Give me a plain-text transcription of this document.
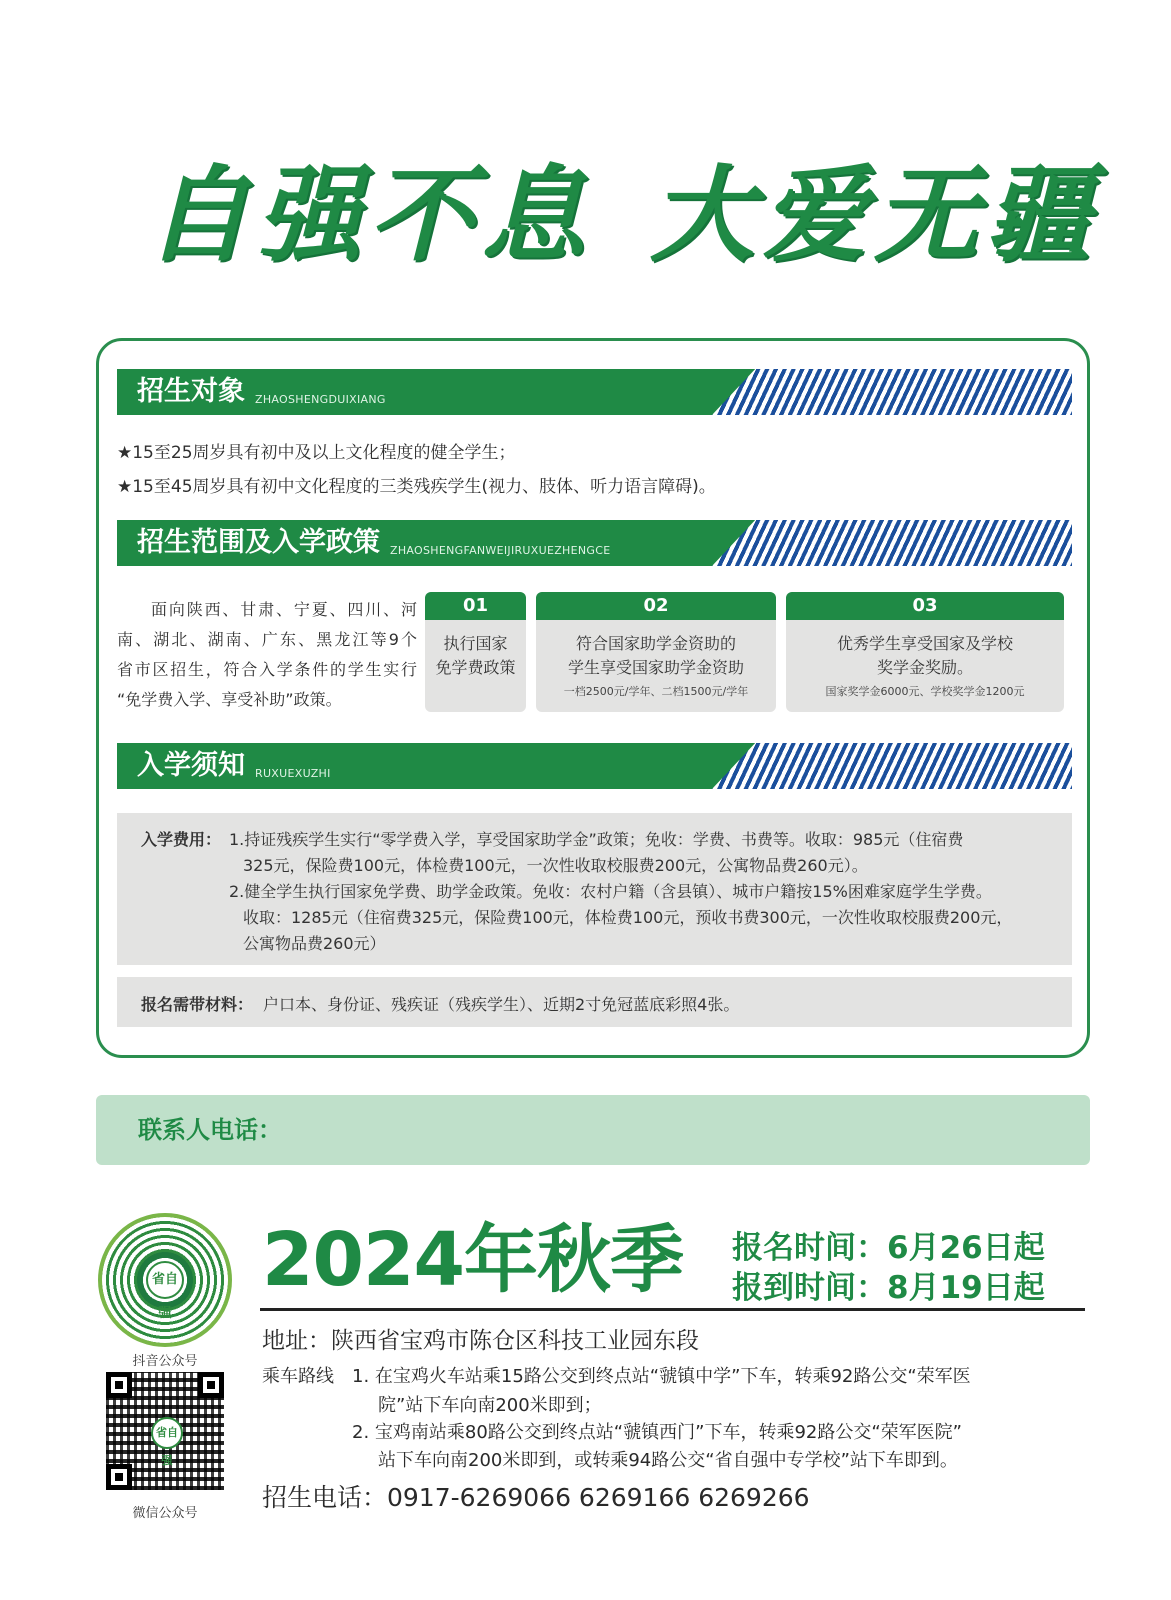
自强不息 大爱无疆
招生对象 ZHAOSHENGDUIXIANG
★15至25周岁具有初中及以上文化程度的健全学生；
★15至45周岁具有初中文化程度的三类残疾学生(视力、肢体、听力语言障碍)。
招生范围及入学政策 ZHAOSHENGFANWEIJIRUXUEZHENGCE
面向陕西、甘肃、宁夏、四川、河
南、湖北、湖南、广东、黑龙江等9个
省市区招生，符合入学条件的学生实行
“免学费入学、享受补助”政策。
01
执行国家
免学费政策
02
符合国家助学金资助的
学生享受国家助学金资助
一档2500元/学年、二档1500元/学年
03
优秀学生享受国家及学校
奖学金奖励。
国家奖学金6000元、学校奖学金1200元
入学须知 RUXUEXUZHI
入学费用： 1.持证残疾学生实行“零学费入学，享受国家助学金”政策；免收：学费、书费等。收取：985元（住宿费
325元，保险费100元，体检费100元，一次性收取校服费200元，公寓物品费260元）。
2.健全学生执行国家免学费、助学金政策。免收：农村户籍（含县镇）、城市户籍按15%困难家庭学生学费。
收取：1285元（住宿费325元，保险费100元，体检费100元，预收书费300元，一次性收取校服费200元，
公寓物品费260元）
报名需带材料： 户口本、身份证、残疾证（残疾学生）、近期2寸免冠蓝底彩照4张。
联系人电话：
省自强
抖音公众号
省自强
微信公众号
2024年秋季 报名时间：6月26日起
报到时间：8月19日起
地址：陕西省宝鸡市陈仓区科技工业园东段
乘车路线 1. 在宝鸡火车站乘15路公交到终点站“虢镇中学”下车，转乘92路公交“荣军医
院”站下车向南200米即到；
2. 宝鸡南站乘80路公交到终点站“虢镇西门”下车，转乘92路公交“荣军医院”
站下车向南200米即到，或转乘94路公交“省自强中专学校”站下车即到。
招生电话：0917-6269066 6269166 6269266
